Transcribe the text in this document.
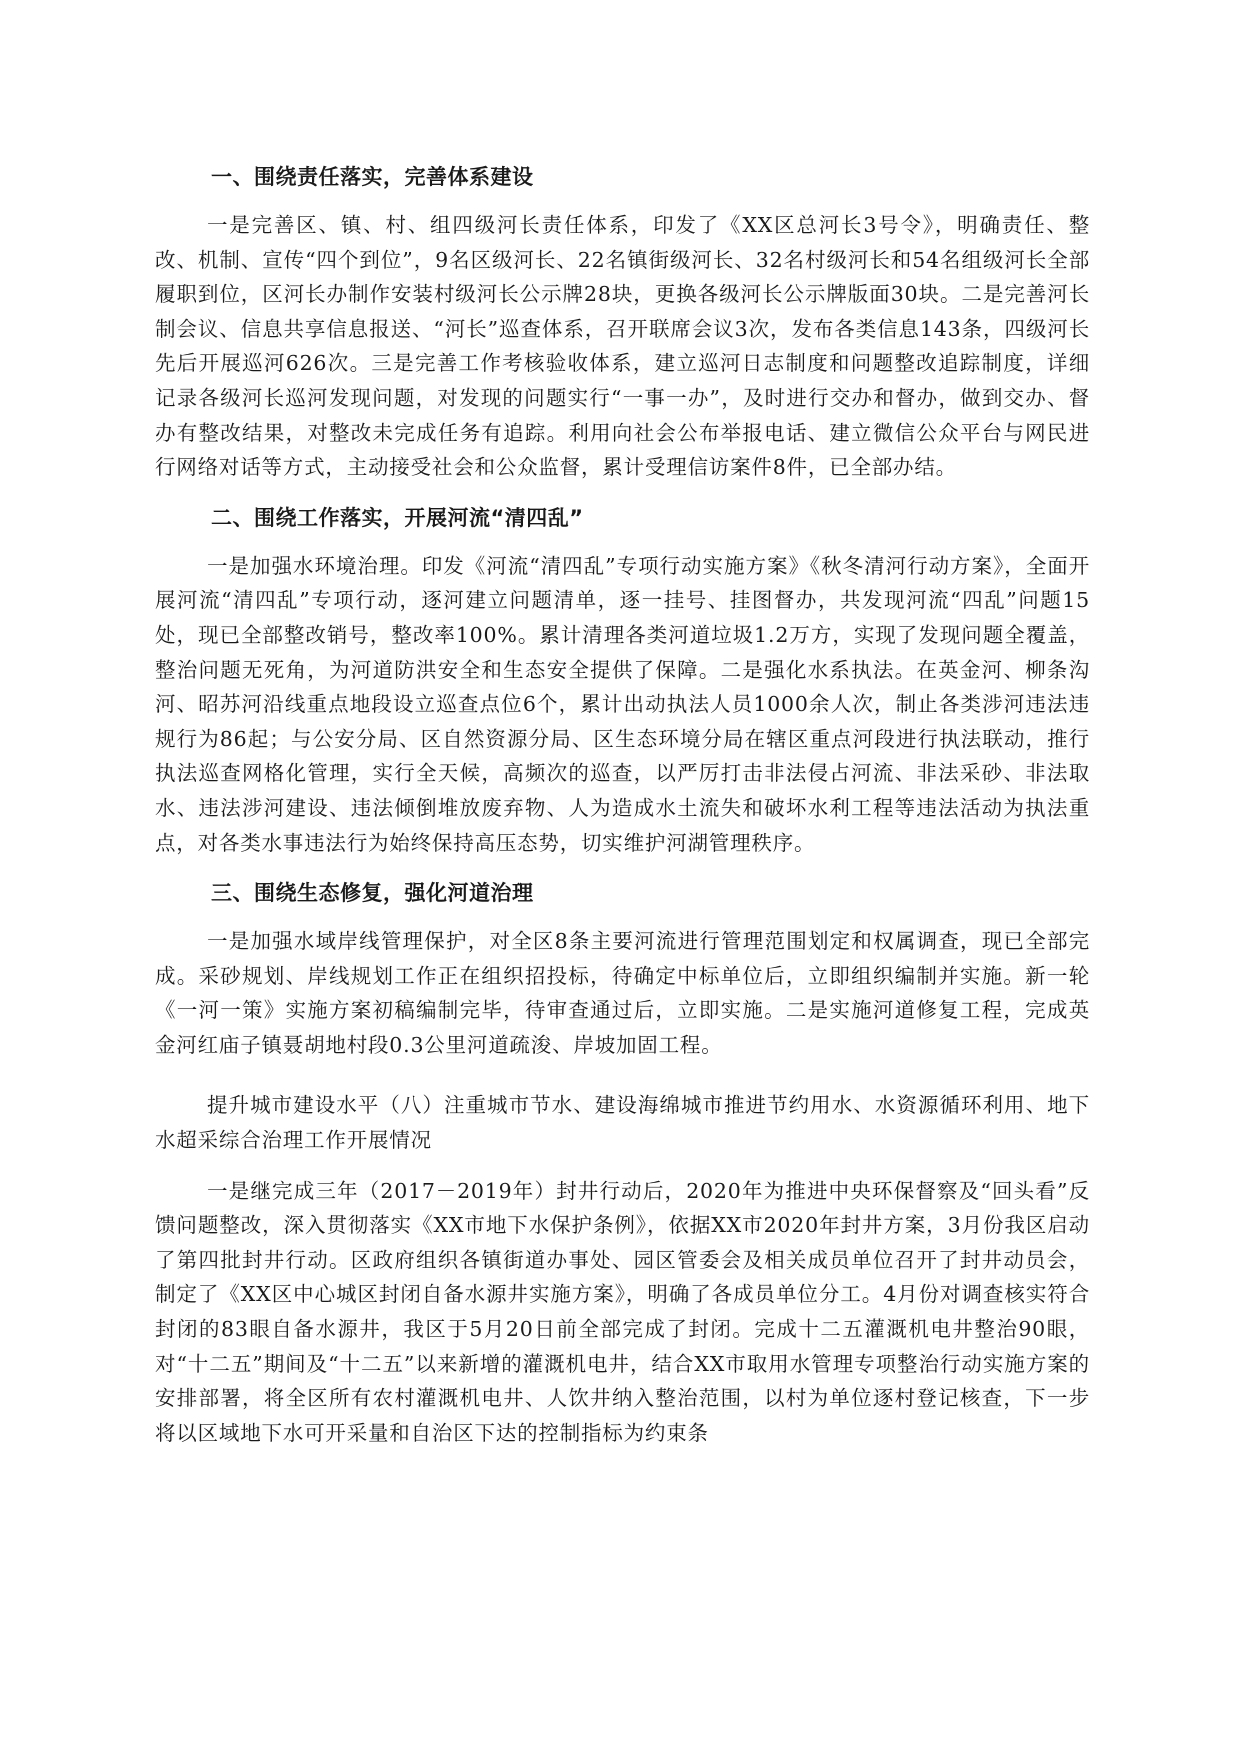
一、围绕责任落实，完善体系建设

一是完善区、镇、村、组四级河长责任体系，印发了《XX区总河长3号令》，明确责任、整改、机制、宣传“四个到位”，9名区级河长、22名镇街级河长、32名村级河长和54名组级河长全部履职到位，区河长办制作安装村级河长公示牌28块，更换各级河长公示牌版面30块。二是完善河长制会议、信息共享信息报送、“河长”巡查体系，召开联席会议3次，发布各类信息143条，四级河长先后开展巡河626次。三是完善工作考核验收体系，建立巡河日志制度和问题整改追踪制度，详细记录各级河长巡河发现问题，对发现的问题实行“一事一办”，及时进行交办和督办，做到交办、督办有整改结果，对整改未完成任务有追踪。利用向社会公布举报电话、建立微信公众平台与网民进行网络对话等方式，主动接受社会和公众监督，累计受理信访案件8件，已全部办结。

二、围绕工作落实，开展河流“清四乱”

一是加强水环境治理。印发《河流“清四乱”专项行动实施方案》《秋冬清河行动方案》，全面开展河流“清四乱”专项行动，逐河建立问题清单，逐一挂号、挂图督办，共发现河流“四乱”问题15处，现已全部整改销号，整改率100%。累计清理各类河道垃圾1.2万方，实现了发现问题全覆盖，整治问题无死角，为河道防洪安全和生态安全提供了保障。二是强化水系执法。在英金河、柳条沟河、昭苏河沿线重点地段设立巡查点位6个，累计出动执法人员1000余人次，制止各类涉河违法违规行为86起；与公安分局、区自然资源分局、区生态环境分局在辖区重点河段进行执法联动，推行执法巡查网格化管理，实行全天候，高频次的巡查，以严厉打击非法侵占河流、非法采砂、非法取水、违法涉河建设、违法倾倒堆放废弃物、人为造成水土流失和破坏水利工程等违法活动为执法重点，对各类水事违法行为始终保持高压态势，切实维护河湖管理秩序。

三、围绕生态修复，强化河道治理

一是加强水域岸线管理保护，对全区8条主要河流进行管理范围划定和权属调查，现已全部完成。采砂规划、岸线规划工作正在组织招投标，待确定中标单位后，立即组织编制并实施。新一轮《一河一策》实施方案初稿编制完毕，待审查通过后，立即实施。二是实施河道修复工程，完成英金河红庙子镇聂胡地村段0.3公里河道疏浚、岸坡加固工程。

提升城市建设水平（八）注重城市节水、建设海绵城市推进节约用水、水资源循环利用、地下水超采综合治理工作开展情况

一是继完成三年（2017－2019年）封井行动后，2020年为推进中央环保督察及“回头看”反馈问题整改，深入贯彻落实《XX市地下水保护条例》，依据XX市2020年封井方案，3月份我区启动了第四批封井行动。区政府组织各镇街道办事处、园区管委会及相关成员单位召开了封井动员会，制定了《XX区中心城区封闭自备水源井实施方案》，明确了各成员单位分工。4月份对调查核实符合封闭的83眼自备水源井，我区于5月20日前全部完成了封闭。完成十二五灌溉机电井整治90眼，对“十二五”期间及“十二五”以来新增的灌溉机电井，结合XX市取用水管理专项整治行动实施方案的安排部署，将全区所有农村灌溉机电井、人饮井纳入整治范围，以村为单位逐村登记核查，下一步将以区域地下水可开采量和自治区下达的控制指标为约束条
